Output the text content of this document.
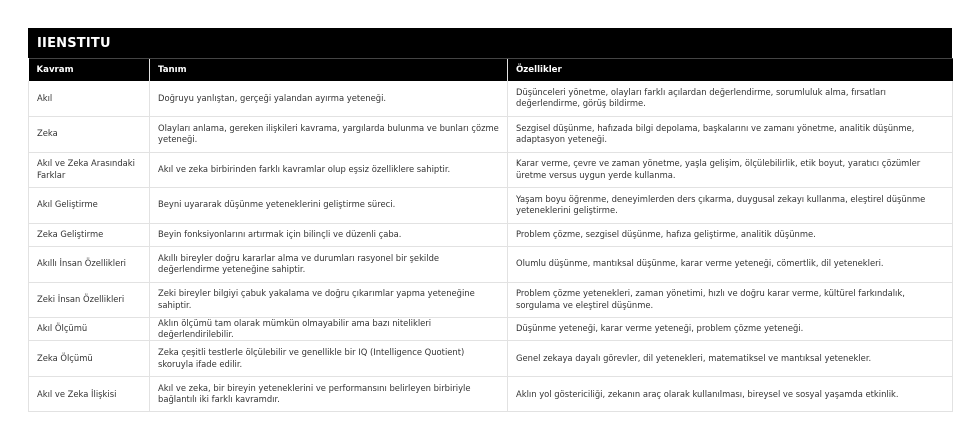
IIENSTITU
Kavram	Tanım	Özellikler
Akıl	Doğruyu yanlıştan, gerçeği yalandan ayırma yeteneği.	Düşünceleri yönetme, olayları farklı açılardan değerlendirme, sorumluluk alma, fırsatları değerlendirme, görüş bildirme.
Zeka	Olayları anlama, gereken ilişkileri kavrama, yargılarda bulunma ve bunları çözme yeteneği.	Sezgisel düşünme, hafızada bilgi depolama, başkalarını ve zamanı yönetme, analitik düşünme, adaptasyon yeteneği.
Akıl ve Zeka Arasındaki Farklar	Akıl ve zeka birbirinden farklı kavramlar olup eşsiz özelliklere sahiptir.	Karar verme, çevre ve zaman yönetme, yaşla gelişim, ölçülebilirlik, etik boyut, yaratıcı çözümler üretme versus uygun yerde kullanma.
Akıl Geliştirme	Beyni uyararak düşünme yeteneklerini geliştirme süreci.	Yaşam boyu öğrenme, deneyimlerden ders çıkarma, duygusal zekayı kullanma, eleştirel düşünme yeteneklerini geliştirme.
Zeka Geliştirme	Beyin fonksiyonlarını artırmak için bilinçli ve düzenli çaba.	Problem çözme, sezgisel düşünme, hafıza geliştirme, analitik düşünme.
Akıllı İnsan Özellikleri	Akıllı bireyler doğru kararlar alma ve durumları rasyonel bir şekilde değerlendirme yeteneğine sahiptir.	Olumlu düşünme, mantıksal düşünme, karar verme yeteneği, cömertlik, dil yetenekleri.
Zeki İnsan Özellikleri	Zeki bireyler bilgiyi çabuk yakalama ve doğru çıkarımlar yapma yeteneğine sahiptir.	Problem çözme yetenekleri, zaman yönetimi, hızlı ve doğru karar verme, kültürel farkındalık, sorgulama ve eleştirel düşünme.
Akıl Ölçümü	Aklın ölçümü tam olarak mümkün olmayabilir ama bazı nitelikleri değerlendirilebilir.	Düşünme yeteneği, karar verme yeteneği, problem çözme yeteneği.
Zeka Ölçümü	Zeka çeşitli testlerle ölçülebilir ve genellikle bir IQ (Intelligence Quotient) skoruyla ifade edilir.	Genel zekaya dayalı görevler, dil yetenekleri, matematiksel ve mantıksal yetenekler.
Akıl ve Zeka İlişkisi	Akıl ve zeka, bir bireyin yeteneklerini ve performansını belirleyen birbiriyle bağlantılı iki farklı kavramdır.	Aklın yol göstericiliği, zekanın araç olarak kullanılması, bireysel ve sosyal yaşamda etkinlik.
